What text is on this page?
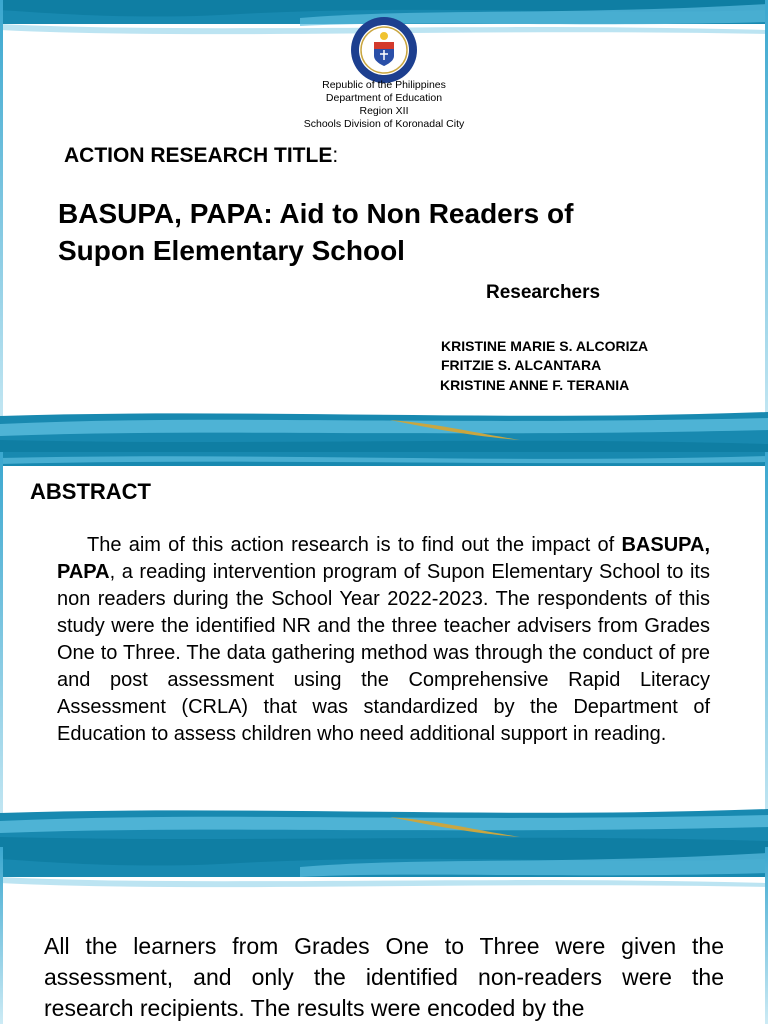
Republic of the Philippines
Department of Education
Region XII
Schools Division of Koronadal City
ACTION RESEARCH TITLE:
BASUPA, PAPA: Aid to Non Readers of
Supon Elementary School
Researchers
KRISTINE MARIE S. ALCORIZA
FRITZIE S. ALCANTARA
KRISTINE ANNE F. TERANIA
ABSTRACT

The aim of this action research is to find out the impact of BASUPA, PAPA, a reading intervention program of Supon Elementary School to its non readers during the School Year 2022-2023. The respondents of this study were the identified NR and the three teacher advisers from Grades One to Three. The data gathering method was through the conduct of pre and post assessment using the Comprehensive Rapid Literacy Assessment (CRLA) that was standardized by the Department of Education to assess children who need additional support in reading.

All the learners from Grades One to Three were given the assessment, and only the identified non-readers were the research recipients. The results were encoded by the
